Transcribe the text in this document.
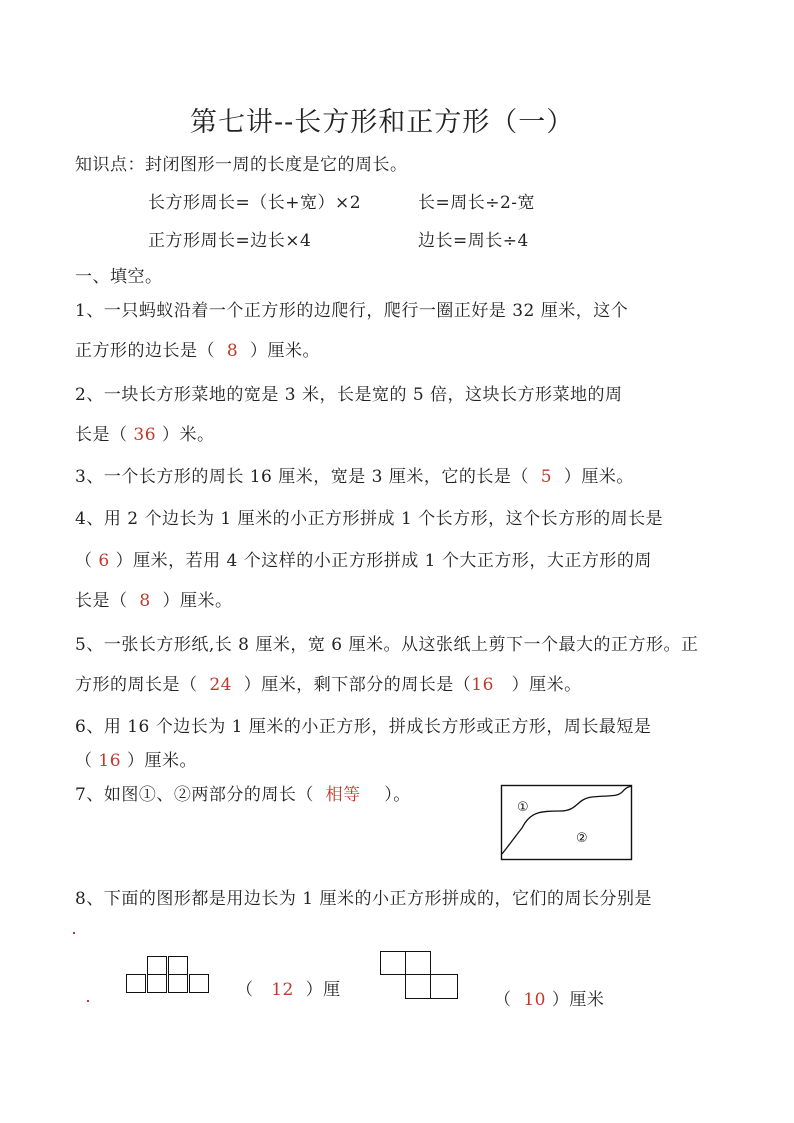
第七讲--长方形和正方形（一）
知识点：封闭图形一周的长度是它的周长。
长方形周长=（长+宽）×2	长=周长÷2-宽
正方形周长=边长×4	边长=周长÷4
一、填空。
1、一只蚂蚁沿着一个正方形的边爬行，爬行一圈正好是 32 厘米，这个
正方形的边长是（ 8 ）厘米。
2、一块长方形菜地的宽是 3 米，长是宽的 5 倍，这块长方形菜地的周
长是（ 36 ）米。
3、一个长方形的周长 16 厘米，宽是 3 厘米，它的长是（ 5 ）厘米。
4、用 2 个边长为 1 厘米的小正方形拼成 1 个长方形，这个长方形的周长是
（ 6 ）厘米，若用 4 个这样的小正方形拼成 1 个大正方形，大正方形的周
长是（ 8 ）厘米。
5、一张长方形纸,长 8 厘米，宽 6 厘米。从这张纸上剪下一个最大的正方形。正
方形的周长是（ 24 ）厘米，剩下部分的周长是（16 ）厘米。
6、用 16 个边长为 1 厘米的小正方形，拼成长方形或正方形，周长最短是
（ 16 ）厘米。
7、如图①、②两部分的周长（ 相等 ）。
①
②
8、下面的图形都是用边长为 1 厘米的小正方形拼成的，它们的周长分别是
（ 12 ）厘	（ 10 ）厘米
